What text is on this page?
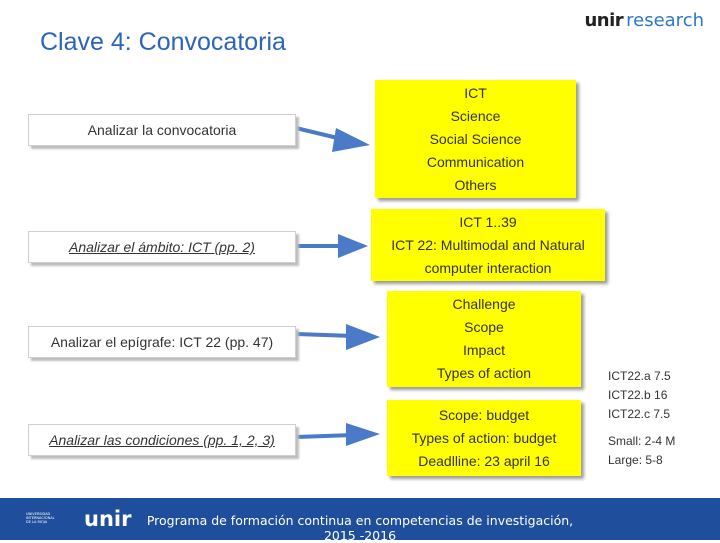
Clave 4: Convocatoria
unir research
Analizar la convocatoria
Analizar el ámbito: ICT (pp. 2)
Analizar el epígrafe: ICT 22 (pp. 47)
Analizar las condiciones (pp. 1, 2, 3)
ICT
Science
Social Science
Communication
Others
ICT 1..39
ICT 22: Multimodal and Natural
computer interaction
Challenge
Scope
Impact
Types of action
Scope: budget
Types of action: budget
Deadlline: 23 april 16
ICT22.a 7.5
ICT22.b 16
ICT22.c 7.5
Small: 2-4 M
Large: 5-8
UNIVERSIDAD
INTERNACIONAL
DE LA RIOJA	unir	Programa de formación continua en competencias de investigación, 2015 -2016
